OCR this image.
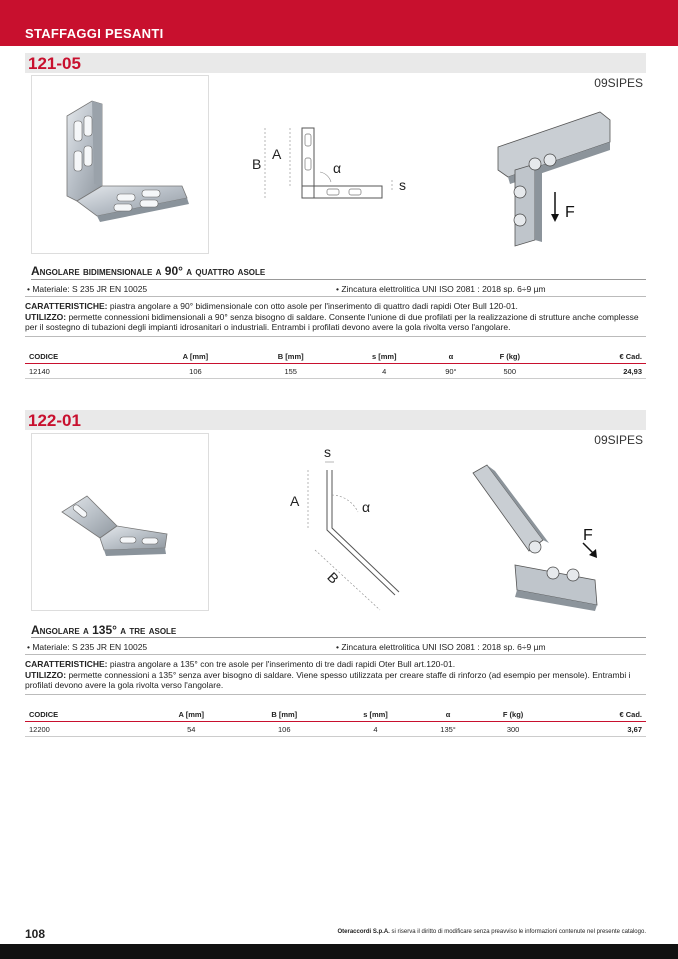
STAFFAGGI PESANTI
121-05
09SIPES
B
A
α
s
F
Angolare bidimensionale a 90° a quattro asole
• Materiale: S 235 JR EN 10025	• Zincatura elettrolitica UNI ISO 2081 : 2018 sp. 6÷9 µm
CARATTERISTICHE: piastra angolare a 90° bidimensionale con otto asole per l'inserimento di quattro dadi rapidi Oter Bull 120-01.
UTILIZZO: permette connessioni bidimensionali a 90° senza bisogno di saldare. Consente l'unione di due profilati per la realizzazione di strutture anche complesse per il sostegno di tubazioni degli impianti idrosanitari o industriali. Entrambi i profilati devono avere la gola rivolta verso l'angolare.
CODICE	A [mm]	B [mm]	s [mm]	α	F (kg)	€ Cad.
12140	106	155	4	90°	500	24,93
122-01
09SIPES
s
A	α
B
F
Angolare a 135° a tre asole
• Materiale: S 235 JR EN 10025	• Zincatura elettrolitica UNI ISO 2081 : 2018 sp. 6÷9 µm
CARATTERISTICHE: piastra angolare a 135° con tre asole per l'inserimento di tre dadi rapidi Oter Bull art.120-01.
UTILIZZO: permette connessioni a 135° senza aver bisogno di saldare. Viene spesso utilizzata per creare staffe di rinforzo (ad esempio per mensole). Entrambi i profilati devono avere la gola rivolta verso l'angolare.
CODICE	A [mm]	B [mm]	s [mm]	α	F (kg)	€ Cad.
12200	54	106	4	135°	300	3,67
108	Oteraccordi S.p.A. si riserva il diritto di modificare senza preavviso le informazioni contenute nel presente catalogo.
